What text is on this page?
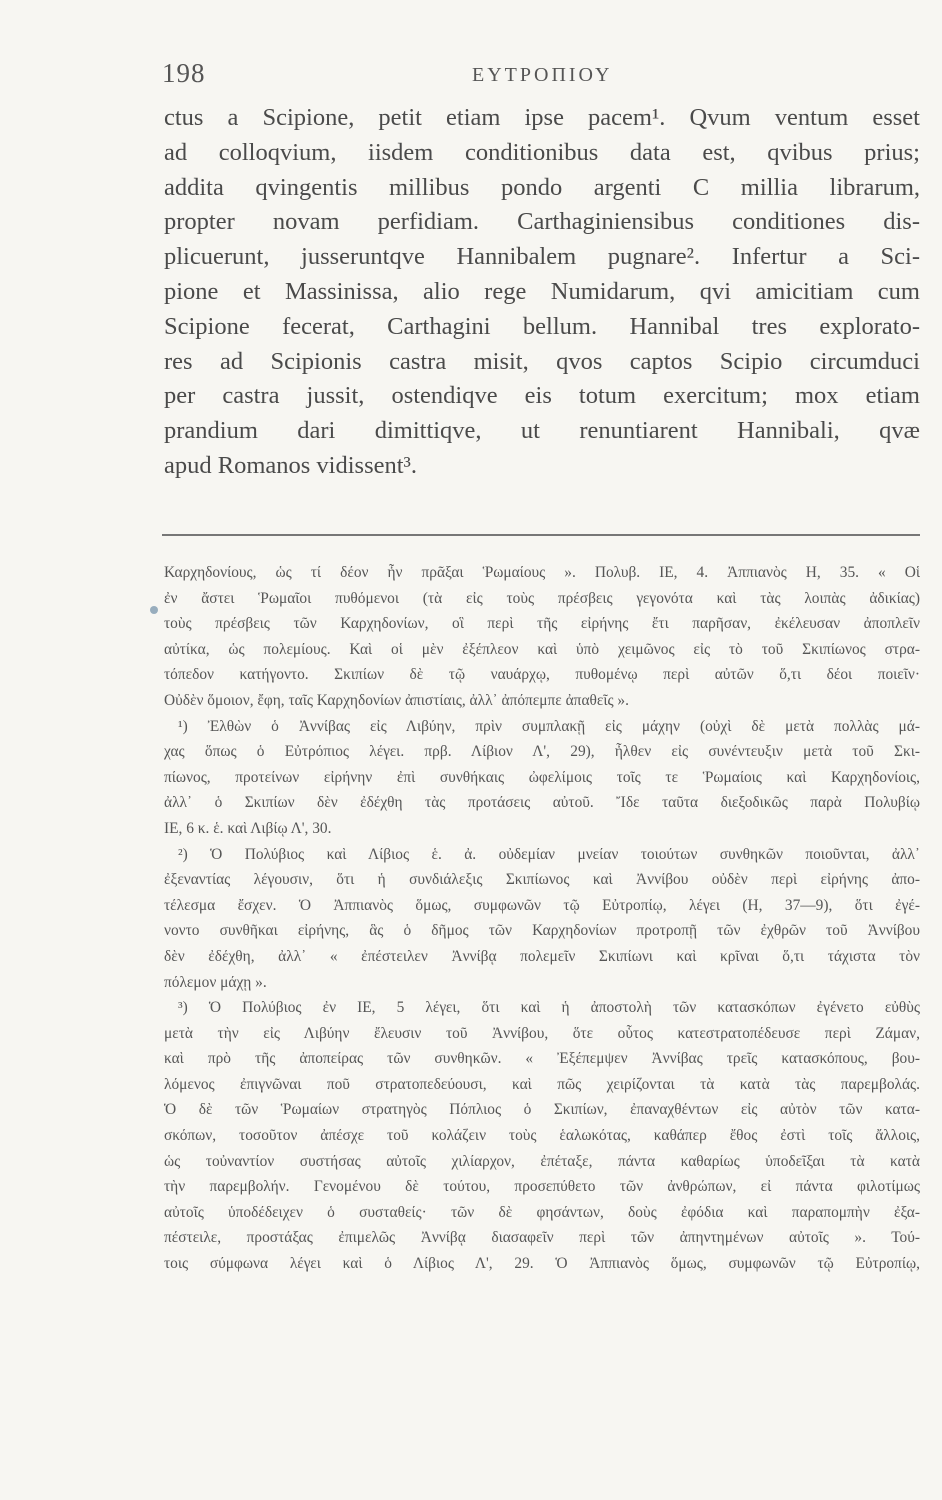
198	ΕΥΤΡΟΠΙΟΥ
ctus a Scipione, petit etiam ipse pacem¹. Qvum ventum esset
ad colloqvium, iisdem conditionibus data est, qvibus prius;
addita qvingentis millibus pondo argenti C millia librarum,
propter novam perfidiam. Carthaginiensibus conditiones dis-
plicuerunt, jusseruntqve Hannibalem pugnare². Infertur a Sci-
pione et Massinissa, alio rege Numidarum, qvi amicitiam cum
Scipione fecerat, Carthagini bellum. Hannibal tres explorato-
res ad Scipionis castra misit, qvos captos Scipio circumduci
per castra jussit, ostendiqve eis totum exercitum; mox etiam
prandium dari dimittiqve, ut renuntiarent Hannibali, qvæ
apud Romanos vidissent³.
Καρχηδονίους, ὡς τί δέον ἦν πρᾶξαι Ῥωμαίους ». Πολυβ. ΙΕ, 4. Ἀππιανὸς Η, 35. « Οἱ
ἐν ἄστει Ῥωμαῖοι πυθόμενοι (τὰ εἰς τοὺς πρέσβεις γεγονότα καὶ τὰς λοιπὰς ἀδικίας)
τοὺς πρέσβεις τῶν Καρχηδονίων, οἳ περὶ τῆς εἰρήνης ἔτι παρῆσαν, ἐκέλευσαν ἀποπλεῖν
αὐτίκα, ὡς πολεμίους. Καὶ οἱ μὲν ἐξέπλεον καὶ ὑπὸ χειμῶνος εἰς τὸ τοῦ Σκιπίωνος στρα-
τόπεδον κατήγοντο. Σκιπίων δὲ τῷ ναυάρχῳ, πυθομένῳ περὶ αὐτῶν ὅ,τι δέοι ποιεῖν·
Οὐδὲν ὅμοιον, ἔφη, ταῖς Καρχηδονίων ἀπιστίαις, ἀλλ᾽ ἀπόπεμπε ἀπαθεῖς ».
¹) Ἐλθὼν ὁ Ἀννίβας εἰς Λιβύην, πρὶν συμπλακῇ εἰς μάχην (οὐχὶ δὲ μετὰ πολλὰς μά-
χας ὅπως ὁ Εὐτρόπιος λέγει. πρβ. Λίβιον Λ', 29), ἦλθεν εἰς συνέντευξιν μετὰ τοῦ Σκι-
πίωνος, προτείνων εἰρήνην ἐπὶ συνθήκαις ὠφελίμοις τοῖς τε Ῥωμαίοις καὶ Καρχηδονίοις,
ἀλλ᾽ ὁ Σκιπίων δὲν ἐδέχθη τὰς προτάσεις αὐτοῦ. Ἴδε ταῦτα διεξοδικῶς παρὰ Πολυβίῳ
ΙΕ, 6 κ. ἑ. καὶ Λιβίῳ Λ', 30.
²) Ὁ Πολύβιος καὶ Λίβιος ἑ. ἀ. οὐδεμίαν μνείαν τοιούτων συνθηκῶν ποιοῦνται, ἀλλ᾽
ἐξεναντίας λέγουσιν, ὅτι ἡ συνδιάλεξις Σκιπίωνος καὶ Ἀννίβου οὐδὲν περὶ εἰρήνης ἀπο-
τέλεσμα ἔσχεν. Ὁ Ἀππιανὸς ὅμως, συμφωνῶν τῷ Εὐτροπίῳ, λέγει (Η, 37—9), ὅτι ἐγέ-
νοντο συνθῆκαι εἰρήνης, ἃς ὁ δῆμος τῶν Καρχηδονίων προτροπῇ τῶν ἐχθρῶν τοῦ Ἀννίβου
δὲν ἐδέχθη, ἀλλ᾽ « ἐπέστειλεν Ἀννίβᾳ πολεμεῖν Σκιπίωνι καὶ κρῖναι ὅ,τι τάχιστα τὸν
πόλεμον μάχῃ ».
³) Ὁ Πολύβιος ἐν ΙΕ, 5 λέγει, ὅτι καὶ ἡ ἀποστολὴ τῶν κατασκόπων ἐγένετο εὐθὺς
μετὰ τὴν εἰς Λιβύην ἔλευσιν τοῦ Ἀννίβου, ὅτε οὗτος κατεστρατοπέδευσε περὶ Ζάμαν,
καὶ πρὸ τῆς ἀποπείρας τῶν συνθηκῶν. « Ἐξέπεμψεν Ἀννίβας τρεῖς κατασκόπους, βου-
λόμενος ἐπιγνῶναι ποῦ στρατοπεδεύουσι, καὶ πῶς χειρίζονται τὰ κατὰ τὰς παρεμβολάς.
Ὁ δὲ τῶν Ῥωμαίων στρατηγὸς Πόπλιος ὁ Σκιπίων, ἐπαναχθέντων εἰς αὐτὸν τῶν κατα-
σκόπων, τοσοῦτον ἀπέσχε τοῦ κολάζειν τοὺς ἑαλωκότας, καθάπερ ἔθος ἐστὶ τοῖς ἄλλοις,
ὡς τοὐναντίον συστήσας αὐτοῖς χιλίαρχον, ἐπέταξε, πάντα καθαρίως ὑποδεῖξαι τὰ κατὰ
τὴν παρεμβολήν. Γενομένου δὲ τούτου, προσεπύθετο τῶν ἀνθρώπων, εἰ πάντα φιλοτίμως
αὐτοῖς ὑποδέδειχεν ὁ συσταθείς· τῶν δὲ φησάντων, δοὺς ἐφόδια καὶ παραπομπὴν ἐξα-
πέστειλε, προστάξας ἐπιμελῶς Ἀννίβᾳ διασαφεῖν περὶ τῶν ἀπηντημένων αὐτοῖς ». Τού-
τοις σύμφωνα λέγει καὶ ὁ Λίβιος Λ', 29. Ὁ Ἀππιανὸς ὅμως, συμφωνῶν τῷ Εὐτροπίῳ,
